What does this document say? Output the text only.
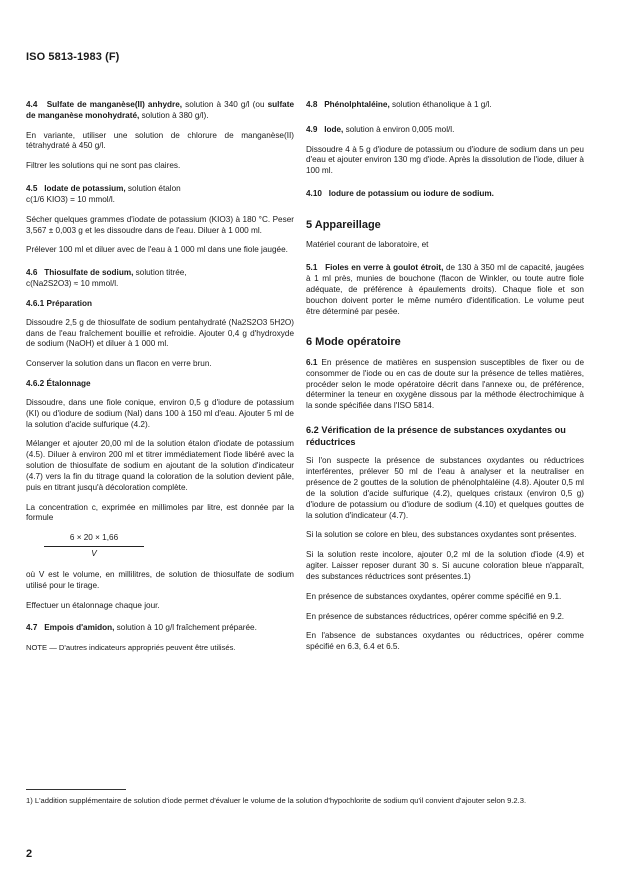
ISO 5813-1983 (F)

4.4 Sulfate de manganèse(II) anhydre, solution à 340 g/l (ou sulfate de manganèse monohydraté, solution à 380 g/l).

En variante, utiliser une solution de chlorure de manganèse(II) tétrahydraté à 450 g/l.

Filtrer les solutions qui ne sont pas claires.

4.5 Iodate de potassium, solution étalon
c(1/6 KIO3) = 10 mmol/l.

Sécher quelques grammes d'iodate de potassium (KIO3) à 180 °C. Peser 3,567 ± 0,003 g et les dissoudre dans de l'eau. Diluer à 1 000 ml.

Prélever 100 ml et diluer avec de l'eau à 1 000 ml dans une fiole jaugée.

4.6 Thiosulfate de sodium, solution titrée,
c(Na2S2O3) ≈ 10 mmol/l.

4.6.1 Préparation

Dissoudre 2,5 g de thiosulfate de sodium pentahydraté (Na2S2O3 5H2O) dans de l'eau fraîchement bouillie et refroidie. Ajouter 0,4 g d'hydroxyde de sodium (NaOH) et diluer à 1 000 ml.

Conserver la solution dans un flacon en verre brun.

4.6.2 Étalonnage

Dissoudre, dans une fiole conique, environ 0,5 g d'iodure de potassium (KI) ou d'iodure de sodium (NaI) dans 100 à 150 ml d'eau. Ajouter 5 ml de la solution d'acide sulfurique (4.2).

Mélanger et ajouter 20,00 ml de la solution étalon d'iodate de potassium (4.5). Diluer à environ 200 ml et titrer immédiatement l'iode libéré avec la solution de thiosulfate de sodium en ajoutant de la solution d'indicateur (4.7) vers la fin du titrage quand la coloration de la solution devient pâle, puis en titrant jusqu'à décoloration complète.

La concentration c, exprimée en millimoles par litre, est donnée par la formule

6 × 20 × 1,66
V

où V est le volume, en millilitres, de solution de thiosulfate de sodium utilisé pour le tirage.

Effectuer un étalonnage chaque jour.

4.7 Empois d'amidon, solution à 10 g/l fraîchement préparée.

NOTE — D'autres indicateurs appropriés peuvent être utilisés.

4.8 Phénolphtaléine, solution éthanolique à 1 g/l.

4.9 Iode, solution à environ 0,005 mol/l.

Dissoudre 4 à 5 g d'iodure de potassium ou d'iodure de sodium dans un peu d'eau et ajouter environ 130 mg d'iode. Après la dissolution de l'iode, diluer à 100 ml.

4.10 Iodure de potassium ou iodure de sodium.

5 Appareillage

Matériel courant de laboratoire, et

5.1 Fioles en verre à goulot étroit, de 130 à 350 ml de capacité, jaugées à 1 ml près, munies de bouchone (flacon de Winkler, ou toute autre fiole adéquate, de préférence à épaulements droits). Chaque fiole et son bouchon doivent porter le même numéro d'identification. Le volume peut être déterminé par pesée.

6 Mode opératoire

6.1 En présence de matières en suspension susceptibles de fixer ou de consommer de l'iode ou en cas de doute sur la présence de telles matières, procéder selon le mode opératoire décrit dans l'annexe ou, de préférence, déterminer la teneur en oxygène dissous par la méthode électrochimique à la sonde spécifiée dans l'ISO 5814.

6.2 Vérification de la présence de substances oxydantes ou réductrices

Si l'on suspecte la présence de substances oxydantes ou réductrices interférentes, prélever 50 ml de l'eau à analyser et la neutraliser en présence de 2 gouttes de la solution de phénolphtaléine (4.8). Ajouter 0,5 ml de la solution d'acide sulfurique (4.2), quelques cristaux (environ 0,5 g) d'iodure de potassium ou d'iodure de sodium (4.10) et quelques gouttes de la solution d'indicateur (4.7).

Si la solution se colore en bleu, des substances oxydantes sont présentes.

Si la solution reste incolore, ajouter 0,2 ml de la solution d'iode (4.9) et agiter. Laisser reposer durant 30 s. Si aucune coloration bleue n'apparaît, des substances réductrices sont présentes.1)

En présence de substances oxydantes, opérer comme spécifié en 9.1.

En présence de substances réductrices, opérer comme spécifié en 9.2.

En l'absence de substances oxydantes ou réductrices, opérer comme spécifié en 6.3, 6.4 et 6.5.

1) L'addition supplémentaire de solution d'iode permet d'évaluer le volume de la solution d'hypochlorite de sodium qu'il convient d'ajouter selon 9.2.3.
2
